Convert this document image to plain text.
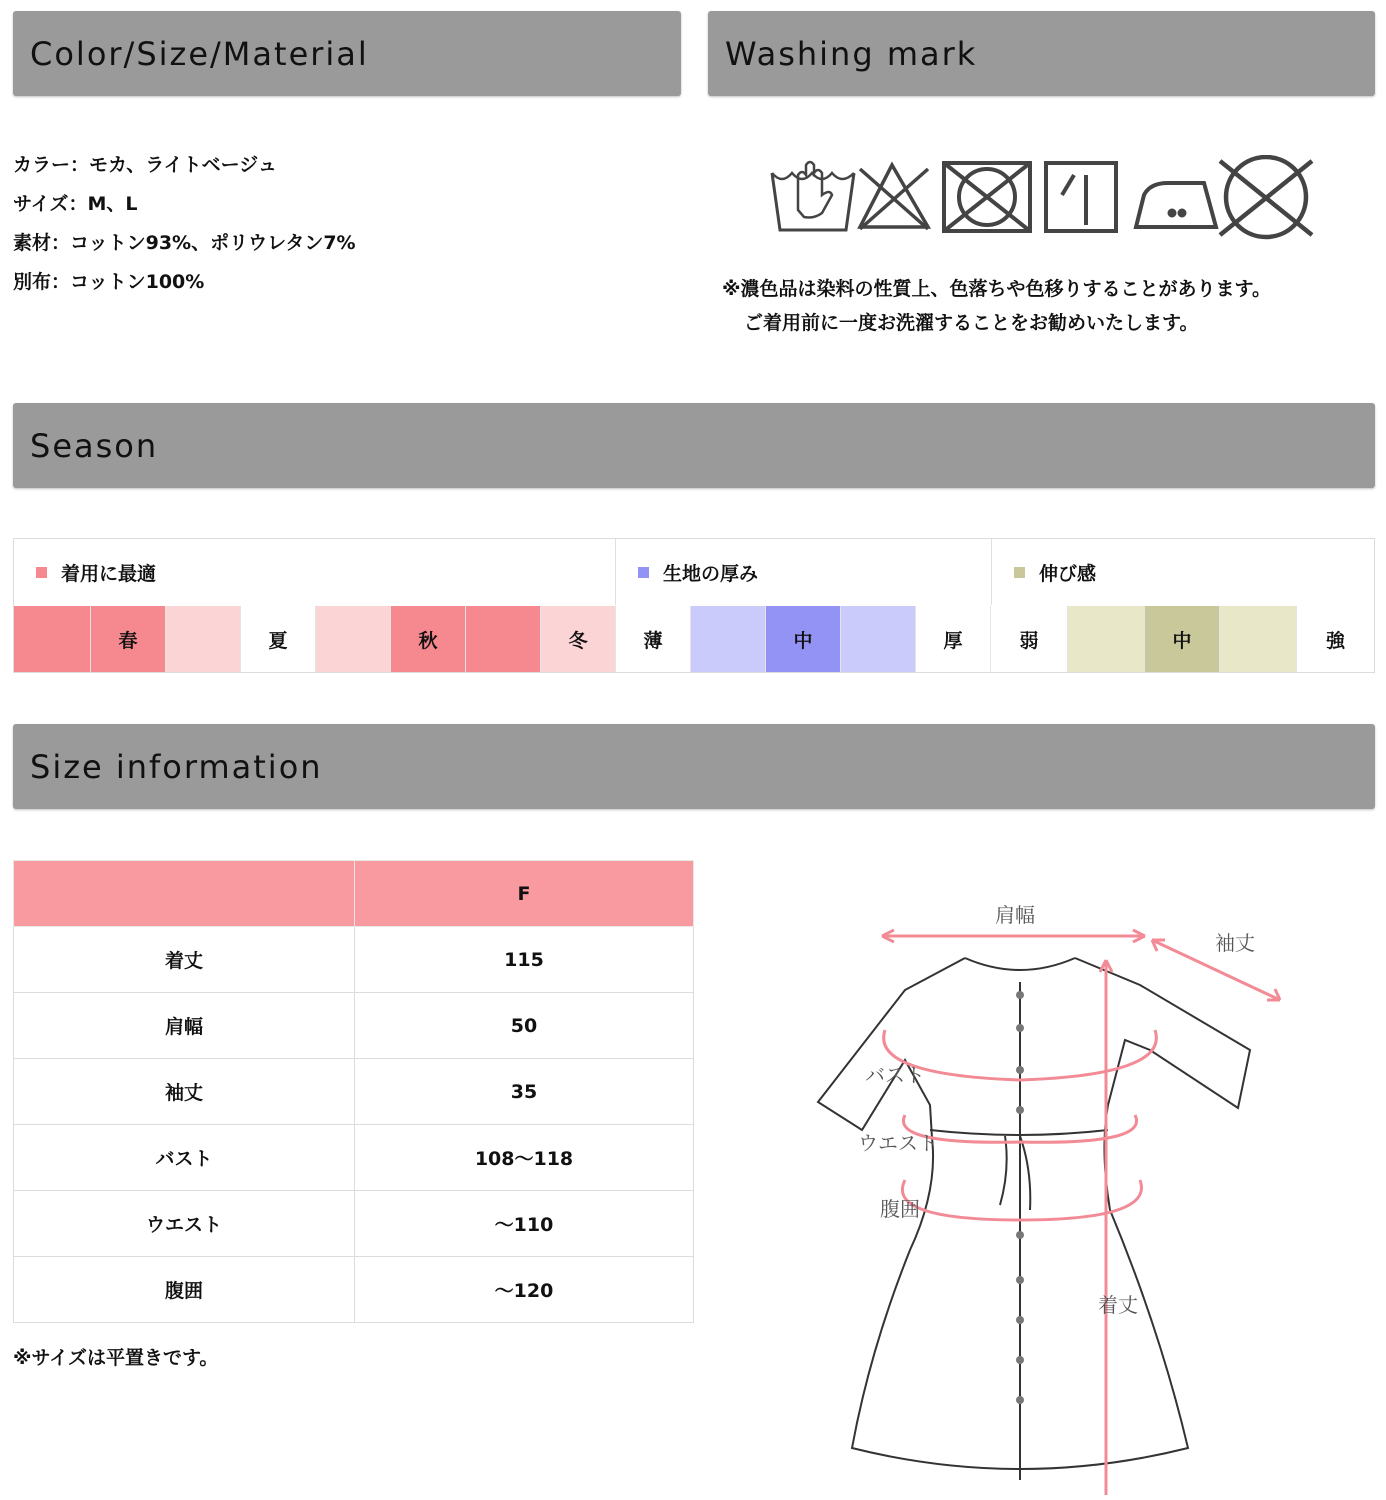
Color/Size/Material	Washing mark
カラー：モカ、ライトベージュ
サイズ：M、L
素材：コットン93%、ポリウレタン7%
別布：コットン100%	※濃色品は染料の性質上、色落ちや色移りすることがあります。
ご着用前に一度お洗濯することをお勧めいたします。
Season
着用に最適	生地の厚み	伸び感
春	夏	秋	冬	薄	中	厚	弱	中	強
Size information
	F
着丈	115
肩幅	50
袖丈	35
バスト	108～118
ウエスト	～110
腹囲	～120
※サイズは平置きです。
肩幅
袖丈
バスト
ウエスト
腹囲
着丈
